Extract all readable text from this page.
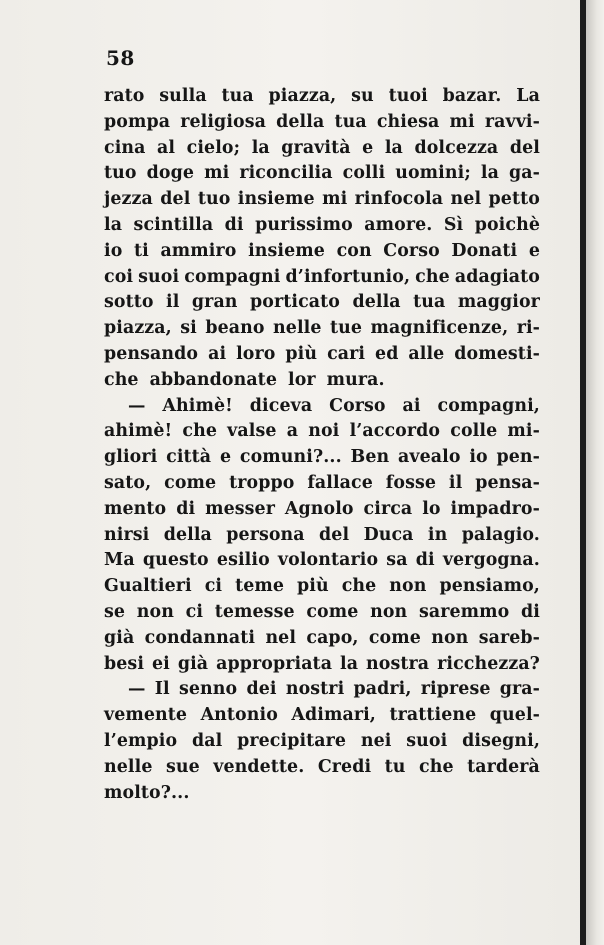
58
rato sulla tua piazza, su tuoi bazar. La
pompa religiosa della tua chiesa mi ravvi-
cina al cielo; la gravità e la dolcezza del
tuo doge mi riconcilia colli uomini; la ga-
jezza del tuo insieme mi rinfocola nel petto
la scintilla di purissimo amore. Sì poichè
io ti ammiro insieme con Corso Donati e
coi suoi compagni d’infortunio, che adagiato
sotto il gran porticato della tua maggior
piazza, si beano nelle tue magnificenze, ri-
pensando ai loro più cari ed alle domesti-
che abbandonate lor mura.
— Ahimè! diceva Corso ai compagni,
ahimè! che valse a noi l’accordo colle mi-
gliori città e comuni?... Ben avealo io pen-
sato, come troppo fallace fosse il pensa-
mento di messer Agnolo circa lo impadro-
nirsi della persona del Duca in palagio.
Ma questo esilio volontario sa di vergogna.
Gualtieri ci teme più che non pensiamo,
se non ci temesse come non saremmo di
già condannati nel capo, come non sareb-
besi ei già appropriata la nostra ricchezza?
— Il senno dei nostri padri, riprese gra-
vemente Antonio Adimari, trattiene quel-
l’empio dal precipitare nei suoi disegni,
nelle sue vendette. Credi tu che tarderà
molto?...
